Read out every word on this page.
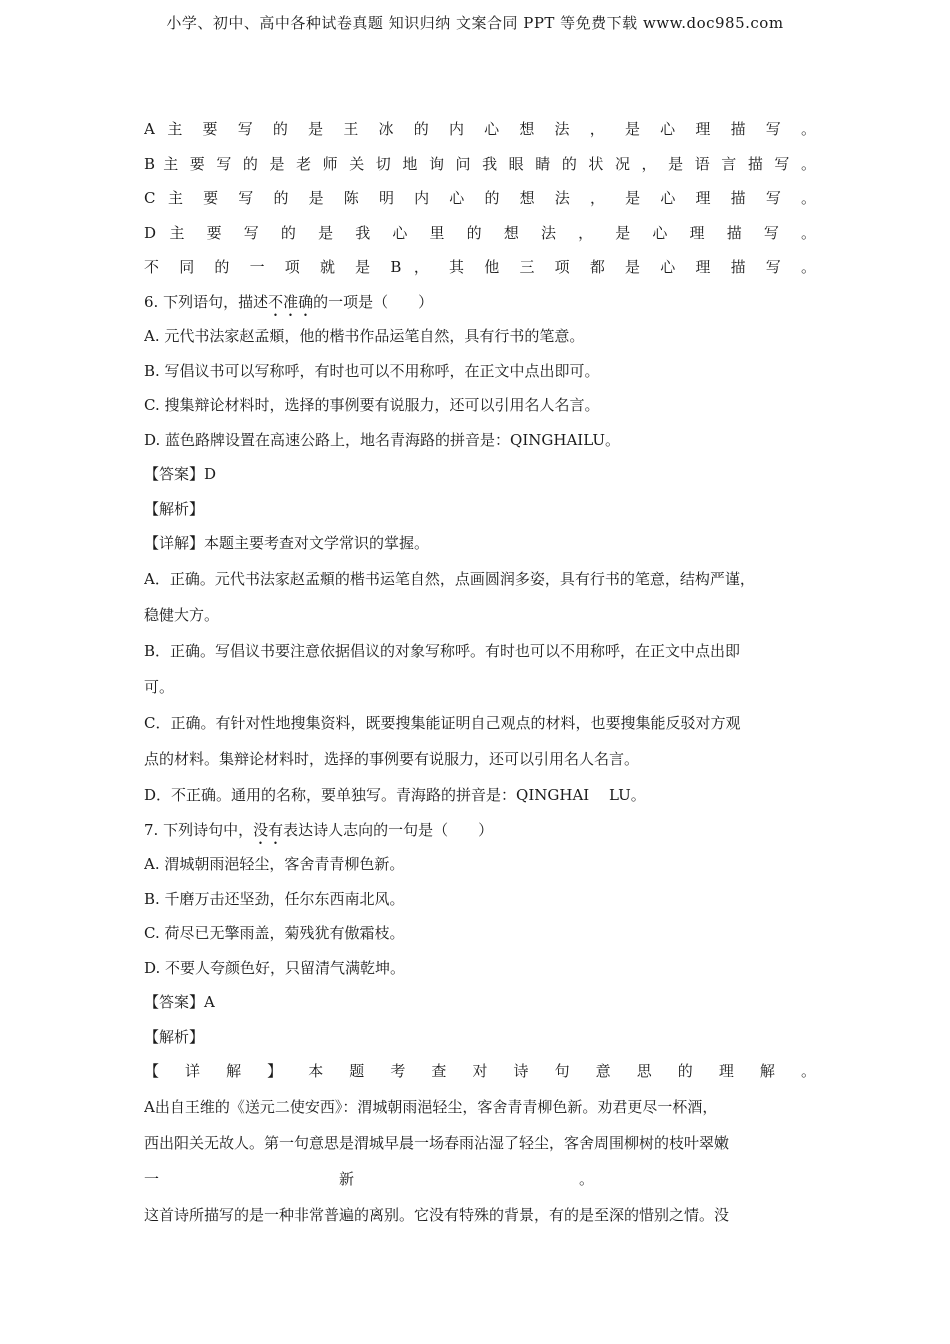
小学、初中、高中各种试卷真题 知识归纳 文案合同 PPT 等免费下载 www.doc985.com
A 主 要 写 的 是 王 冰 的 内 心 想 法 ， 是 心 理 描 写 。
B 主 要 写 的 是 老 师 关 切 地 询 问 我 眼 睛 的 状 况 ， 是 语 言 描 写 。
C 主 要 写 的 是 陈 明 内 心 的 想 法 ， 是 心 理 描 写 。
D 主 要 写 的 是 我 心 里 的 想 法 ， 是 心 理 描 写 。
不 同 的 一 项 就 是 B ， 其 他 三 项 都 是 心 理 描 写 。
6. 下列语句，描述不准确的一项是（　　）
A. 元代书法家赵孟頫，他的楷书作品运笔自然，具有行书的笔意。
B. 写倡议书可以写称呼，有时也可以不用称呼，在正文中点出即可。
C. 搜集辩论材料时，选择的事例要有说服力，还可以引用名人名言。
D. 蓝色路牌设置在高速公路上，地名青海路的拼音是：QINGHAILU。
【答案】D
【解析】
【详解】本题主要考查对文学常识的掌握。
A．正确。元代书法家赵孟頫的楷书运笔自然，点画圆润多姿，具有行书的笔意，结构严谨，
稳健大方。
B．正确。写倡议书要注意依据倡议的对象写称呼。有时也可以不用称呼，在正文中点出即
可。
C．正确。有针对性地搜集资料，既要搜集能证明自己观点的材料，也要搜集能反驳对方观
点的材料。集辩论材料时，选择的事例要有说服力，还可以引用名人名言。
D．不正确。通用的名称，要单独写。青海路的拼音是：QINGHAI　 LU。
7. 下列诗句中，没有表达诗人志向的一句是（　　）
A. 渭城朝雨浥轻尘，客舍青青柳色新。
B. 千磨万击还坚劲，任尔东西南北风。
C. 荷尽已无擎雨盖，菊残犹有傲霜枝。
D. 不要人夸颜色好，只留清气满乾坤。
【答案】A
【解析】
【 详 解 】 本 题 考 查 对 诗 句 意 思 的 理 解 。
A出自王维的《送元二使安西》：渭城朝雨浥轻尘，客舍青青柳色新。劝君更尽一杯酒，
西出阳关无故人。第一句意思是渭城早晨一场春雨沾湿了轻尘，客舍周围柳树的枝叶翠嫩
一　　　　　　　　　　　　新　　　　　　　　　　　　　　　。
这首诗所描写的是一种非常普遍的离别。它没有特殊的背景，有的是至深的惜别之情。没
